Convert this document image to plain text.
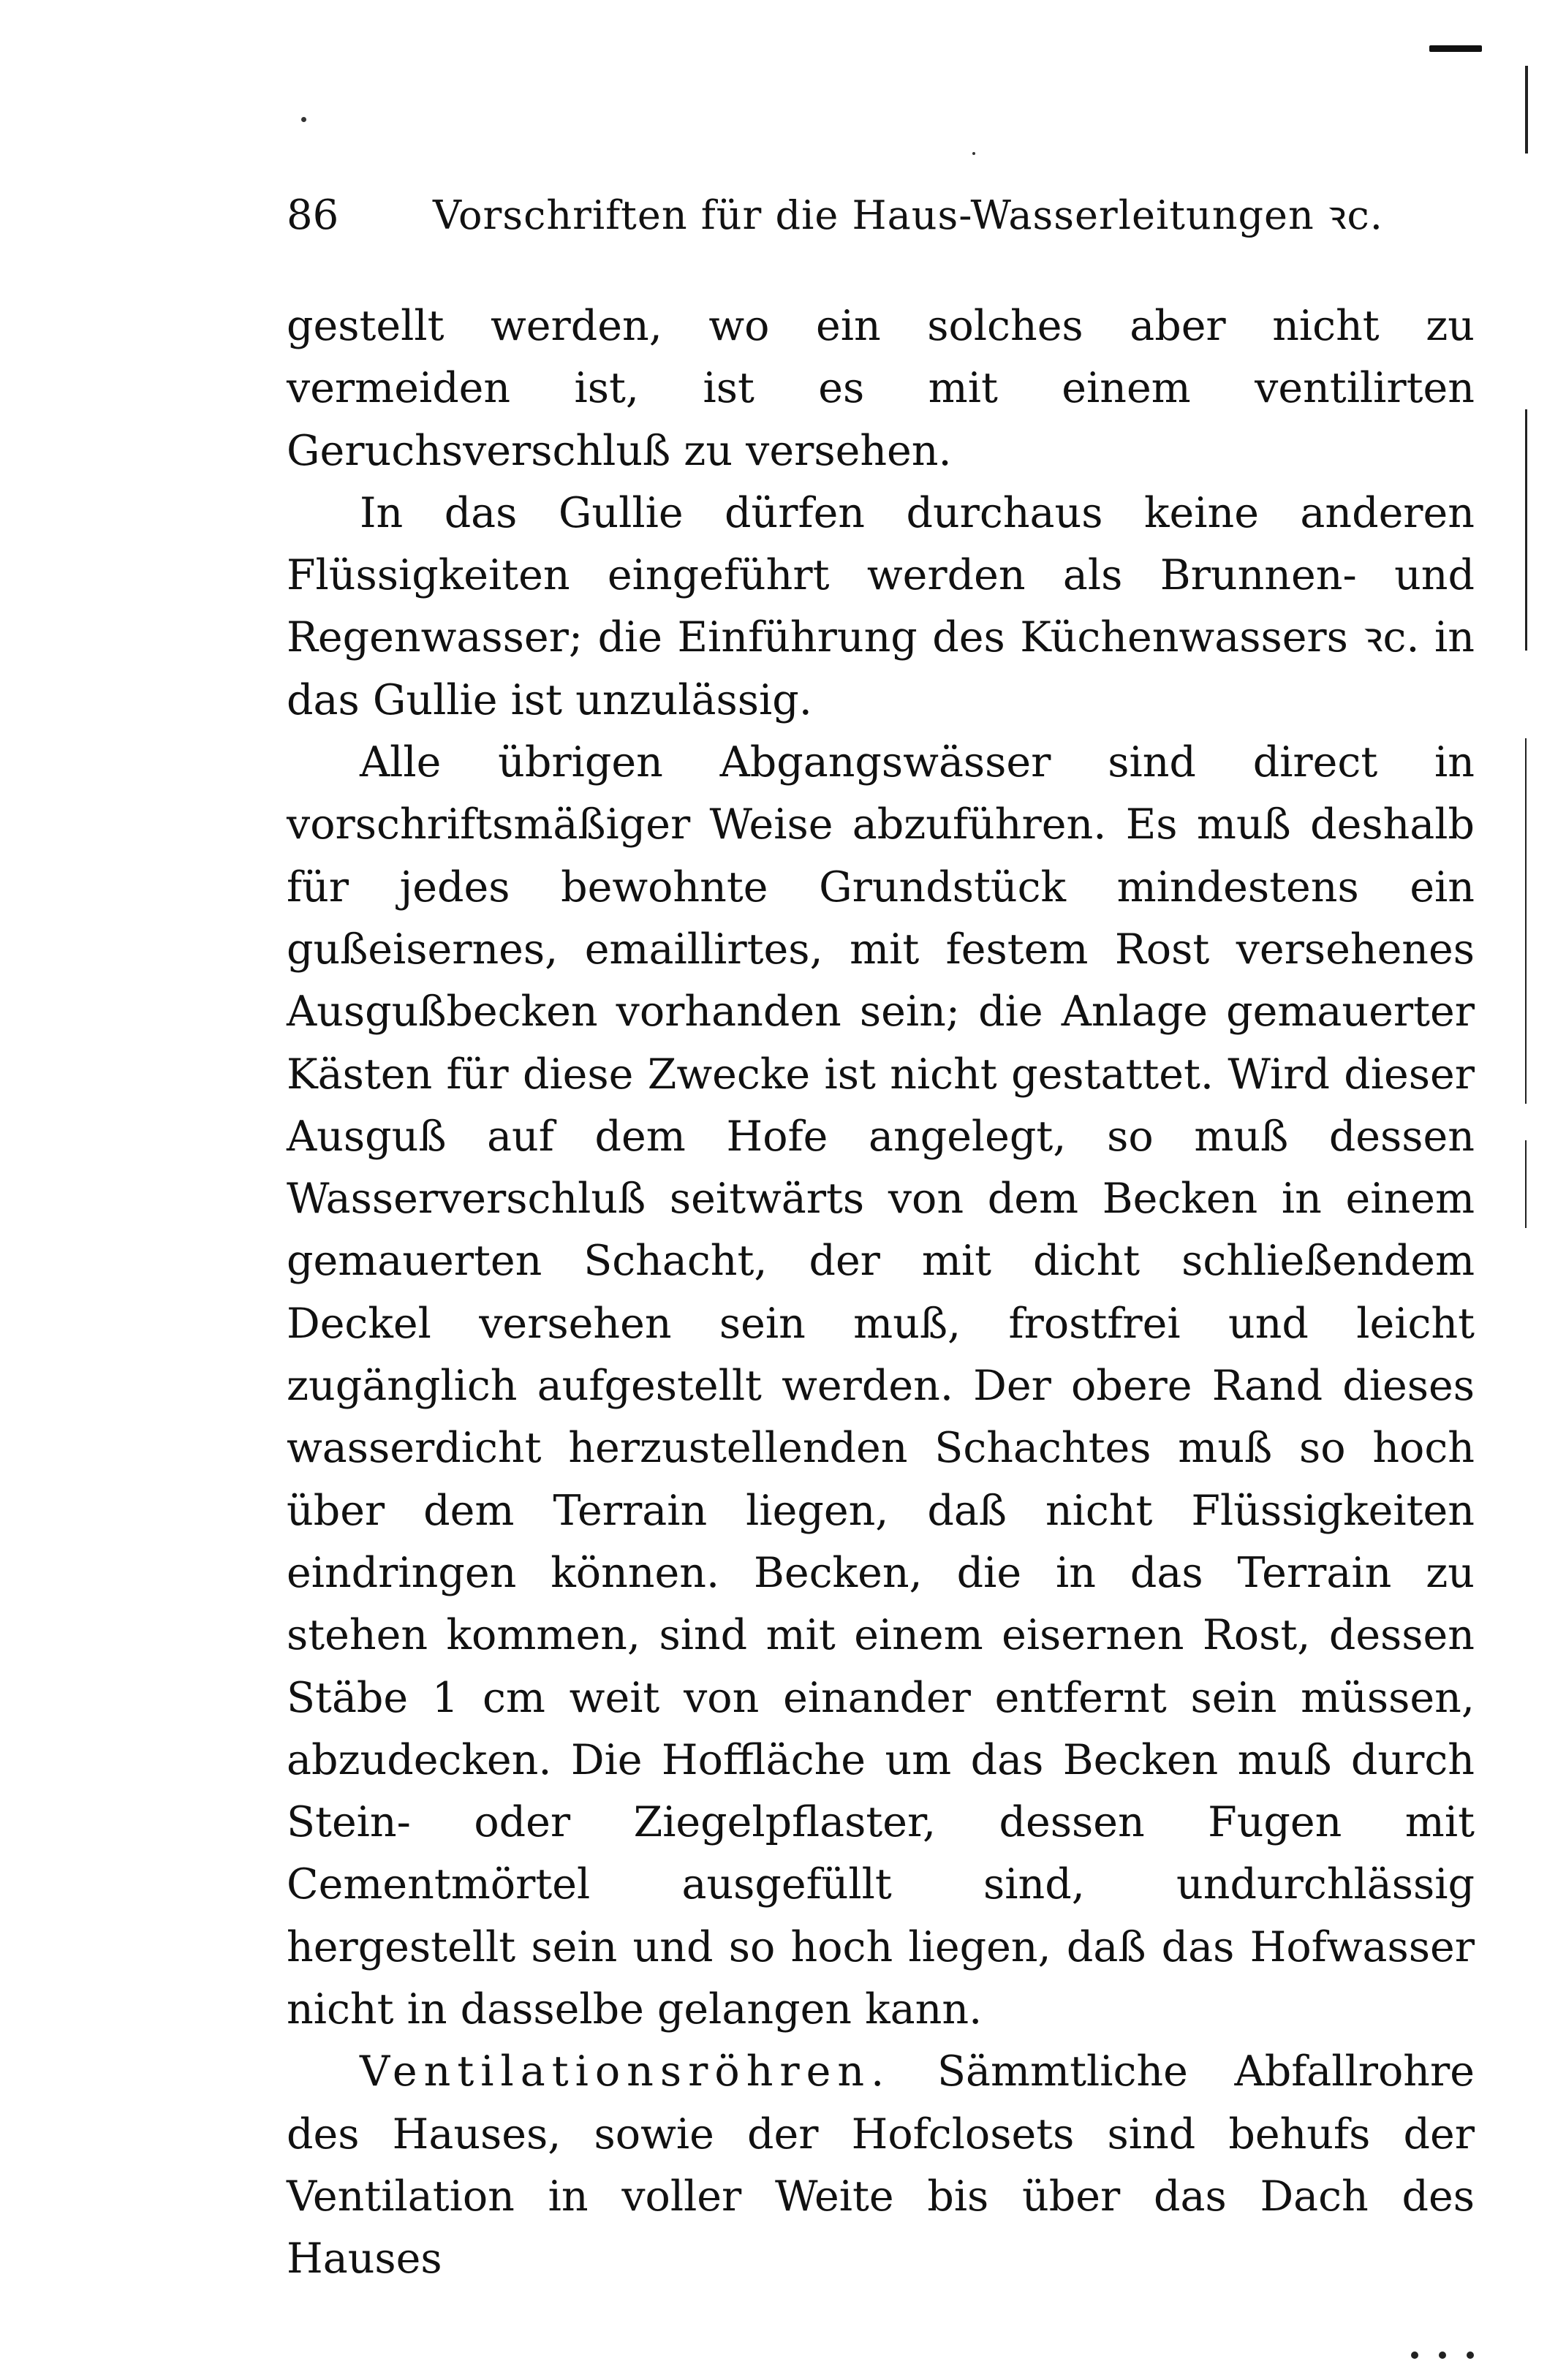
86 Vorschriften für die Haus-Wasserleitungen ꝛc.

gestellt werden, wo ein solches aber nicht zu vermeiden ist, ist es mit einem ventilirten Geruchsverschluß zu versehen.

In das Gullie dürfen durchaus keine anderen Flüssigkeiten eingeführt werden als Brunnen- und Regenwasser; die Einführung des Küchenwassers ꝛc. in das Gullie ist unzulässig.

Alle übrigen Abgangswässer sind direct in vorschriftsmäßiger Weise abzuführen. Es muß deshalb für jedes bewohnte Grundstück mindestens ein gußeisernes, emaillirtes, mit festem Rost versehenes Ausgußbecken vorhanden sein; die Anlage gemauerter Kästen für diese Zwecke ist nicht gestattet. Wird dieser Ausguß auf dem Hofe angelegt, so muß dessen Wasserverschluß seitwärts von dem Becken in einem gemauerten Schacht, der mit dicht schließendem Deckel versehen sein muß, frostfrei und leicht zugänglich aufgestellt werden. Der obere Rand dieses wasserdicht herzustellenden Schachtes muß so hoch über dem Terrain liegen, daß nicht Flüssigkeiten eindringen können. Becken, die in das Terrain zu stehen kommen, sind mit einem eisernen Rost, dessen Stäbe 1 cm weit von einander entfernt sein müssen, abzudecken. Die Hoffläche um das Becken muß durch Stein- oder Ziegelpflaster, dessen Fugen mit Cementmörtel ausgefüllt sind, undurchlässig hergestellt sein und so hoch liegen, daß das Hofwasser nicht in dasselbe gelangen kann.

Ventilationsröhren. Sämmtliche Abfallrohre des Hauses, sowie der Hofclosets sind behufs der Ventilation in voller Weite bis über das Dach des Hauses
